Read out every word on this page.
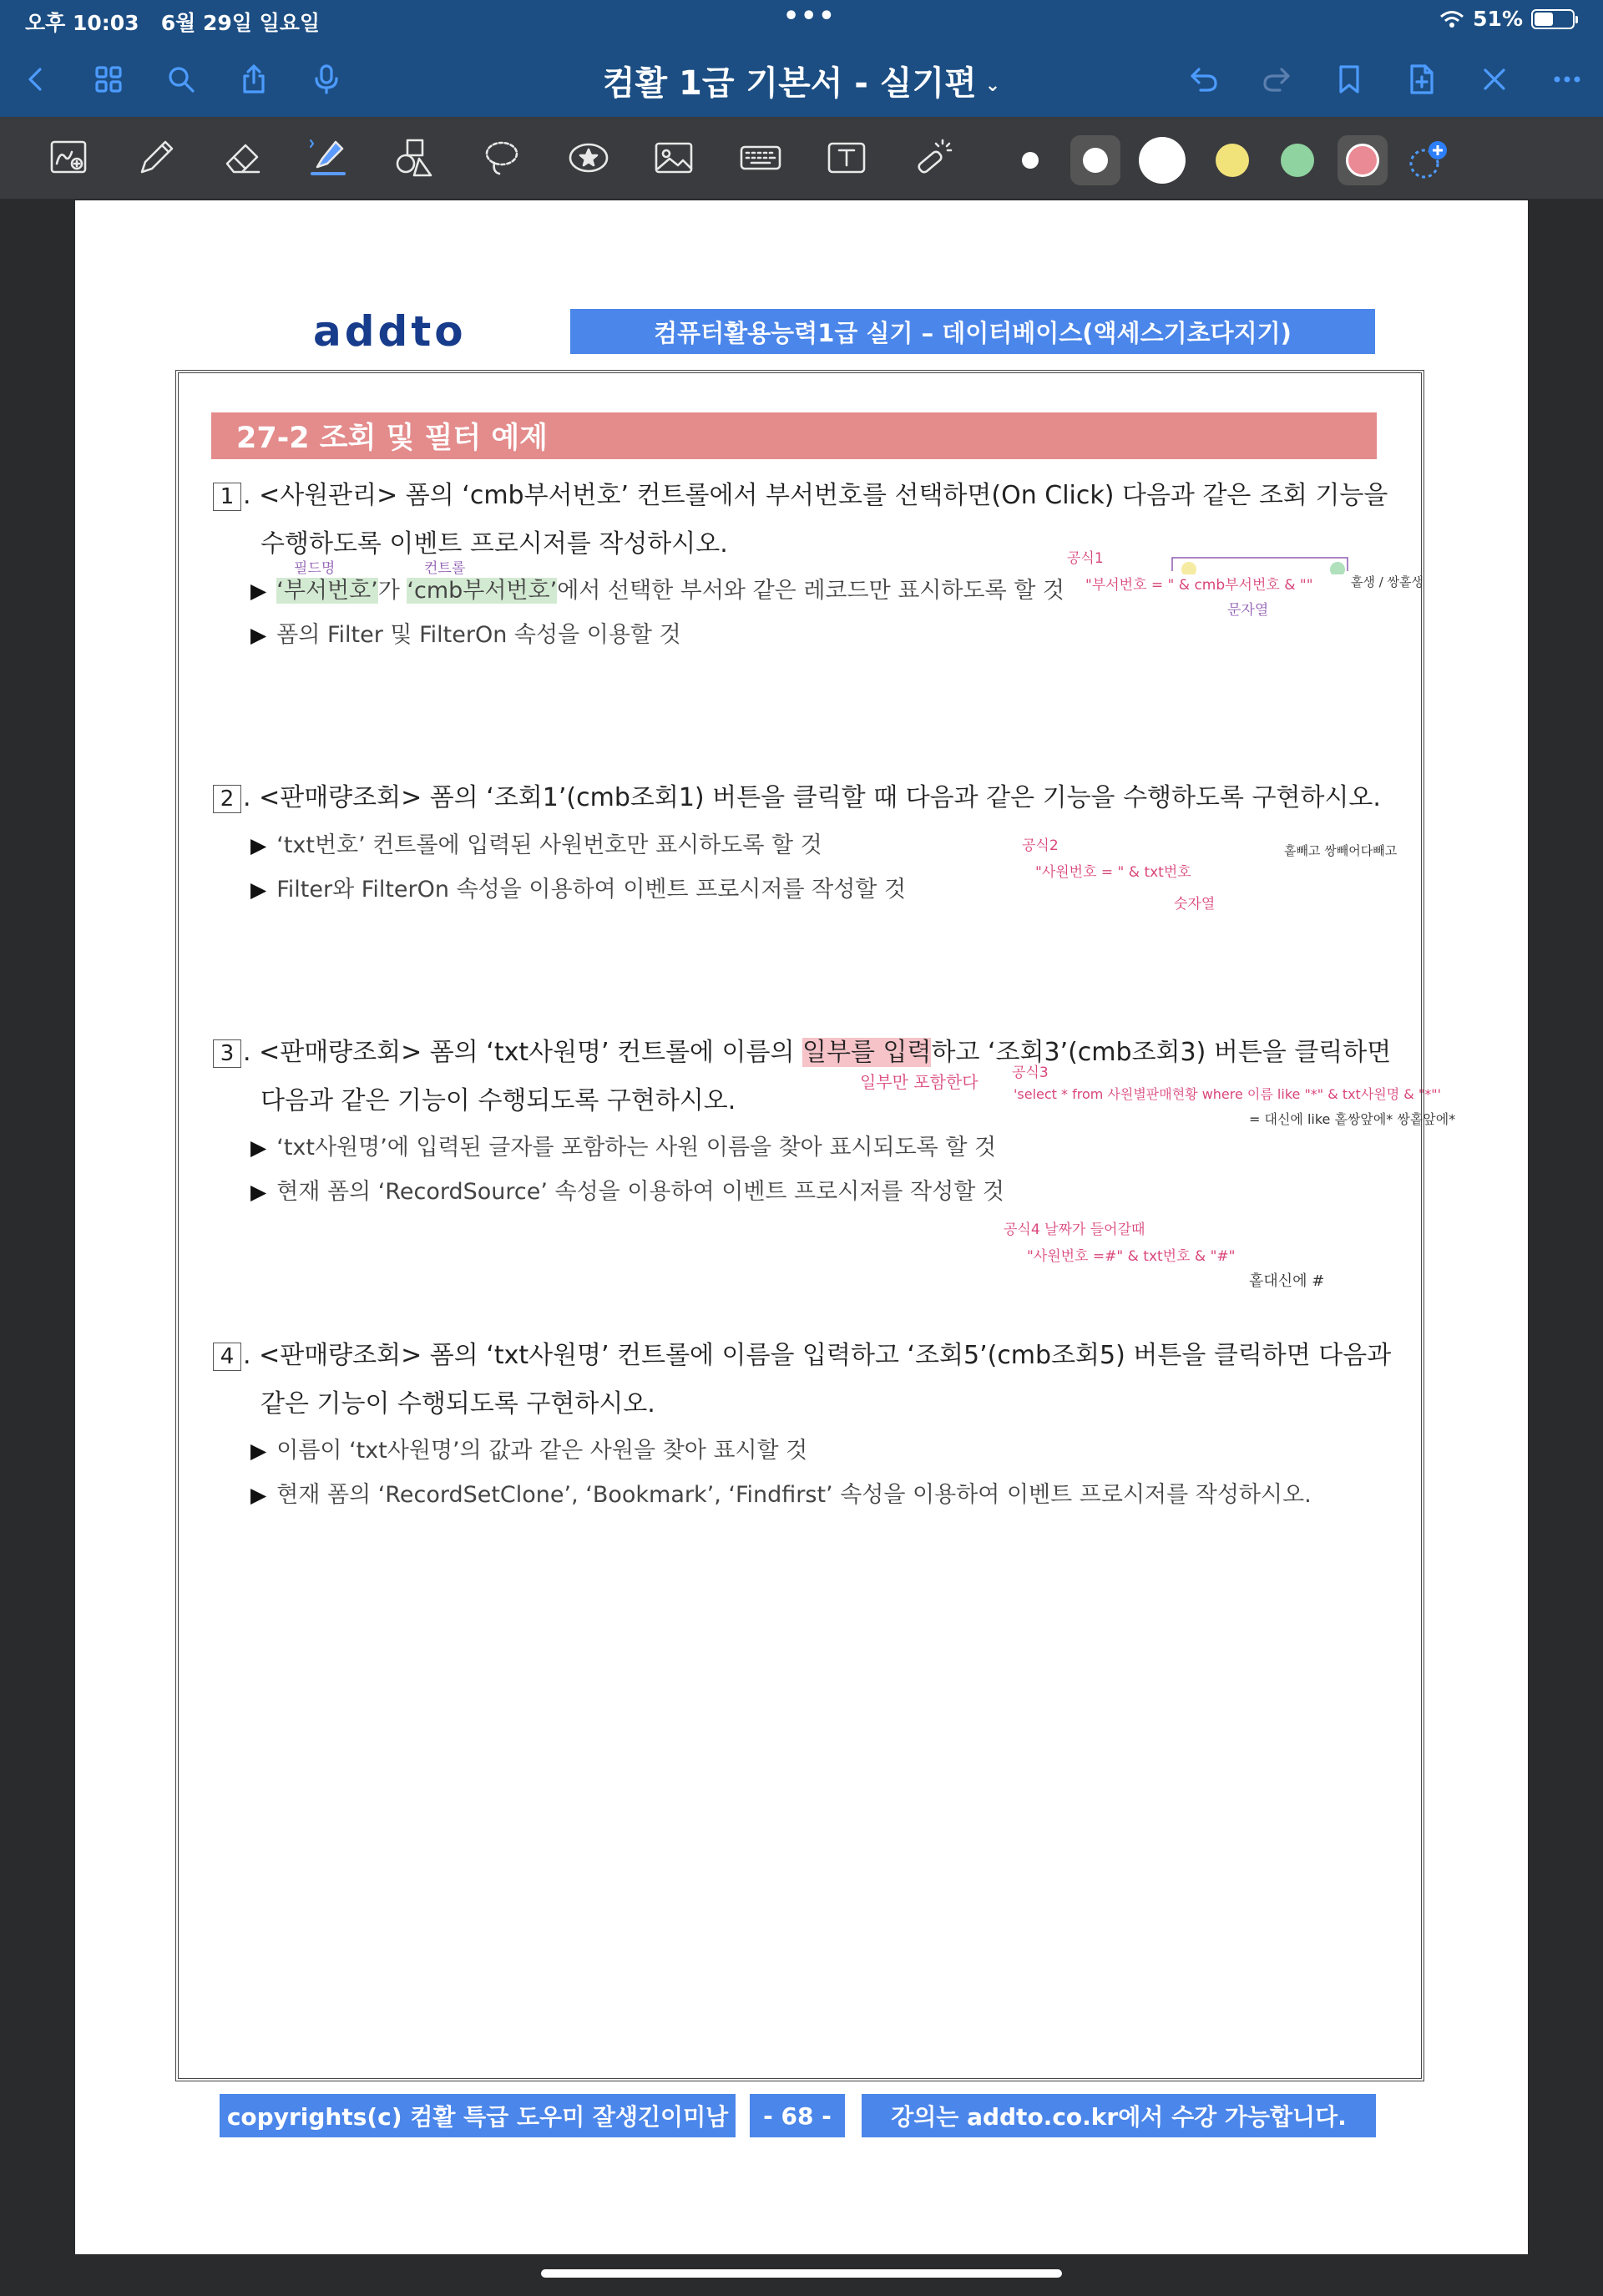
오후 10:03 6월 29일 일요일	•••	51%
컴활 1급 기본서 - 실기편 ⌄
addto	컴퓨터활용능력1급 실기 – 데이터베이스(액세스기초다지기)
27-2 조회 및 필터 예제
1 . <사원관리> 폼의 ‘cmb부서번호’ 컨트롤에서 부서번호를 선택하면(On Click) 다음과 같은 조회 기능을
수행하도록 이벤트 프로시저를 작성하시오.
▶ ‘부서번호’가 ‘cmb부서번호’에서 선택한 부서와 같은 레코드만 표시하도록 할 것
▶ 폼의 Filter 및 FilterOn 속성을 이용할 것
2 . <판매량조회> 폼의 ‘조회1’(cmb조회1) 버튼을 클릭할 때 다음과 같은 기능을 수행하도록 구현하시오.
▶ ‘txt번호’ 컨트롤에 입력된 사원번호만 표시하도록 할 것
▶ Filter와 FilterOn 속성을 이용하여 이벤트 프로시저를 작성할 것
3 . <판매량조회> 폼의 ‘txt사원명’ 컨트롤에 이름의 일부를 입력하고 ‘조회3’(cmb조회3) 버튼을 클릭하면
다음과 같은 기능이 수행되도록 구현하시오.
▶ ‘txt사원명’에 입력된 글자를 포함하는 사원 이름을 찾아 표시되도록 할 것
▶ 현재 폼의 ‘RecordSource’ 속성을 이용하여 이벤트 프로시저를 작성할 것
4 . <판매량조회> 폼의 ‘txt사원명’ 컨트롤에 이름을 입력하고 ‘조회5’(cmb조회5) 버튼을 클릭하면 다음과
같은 기능이 수행되도록 구현하시오.
▶ 이름이 ‘txt사원명’의 값과 같은 사원을 찾아 표시할 것
▶ 현재 폼의 ‘RecordSetClone’, ‘Bookmark’, ‘Findfirst’ 속성을 이용하여 이벤트 프로시저를 작성하시오.
필드명	컨트롤
공식1
"부서번호 = " & cmb부서번호 & ""	홑생 / 쌍홑생
문자열
공식2
"사원번호 = " & txt번호
숫자열
홑빼고 쌍빼어다빼고
일부만 포함한다 공식3
'select * from 사원별판매현황 where 이름 like "*" & txt사원명 & "*"'
= 대신에 like 홑쌍앞에* 쌍홑앞에*
공식4 날짜가 들어갈때
"사원번호 =#" & txt번호 & "#"
홑대신에 #
copyrights(c) 컴활 특급 도우미 잘생긴이미남	- 68 -	강의는 addto.co.kr에서 수강 가능합니다.
